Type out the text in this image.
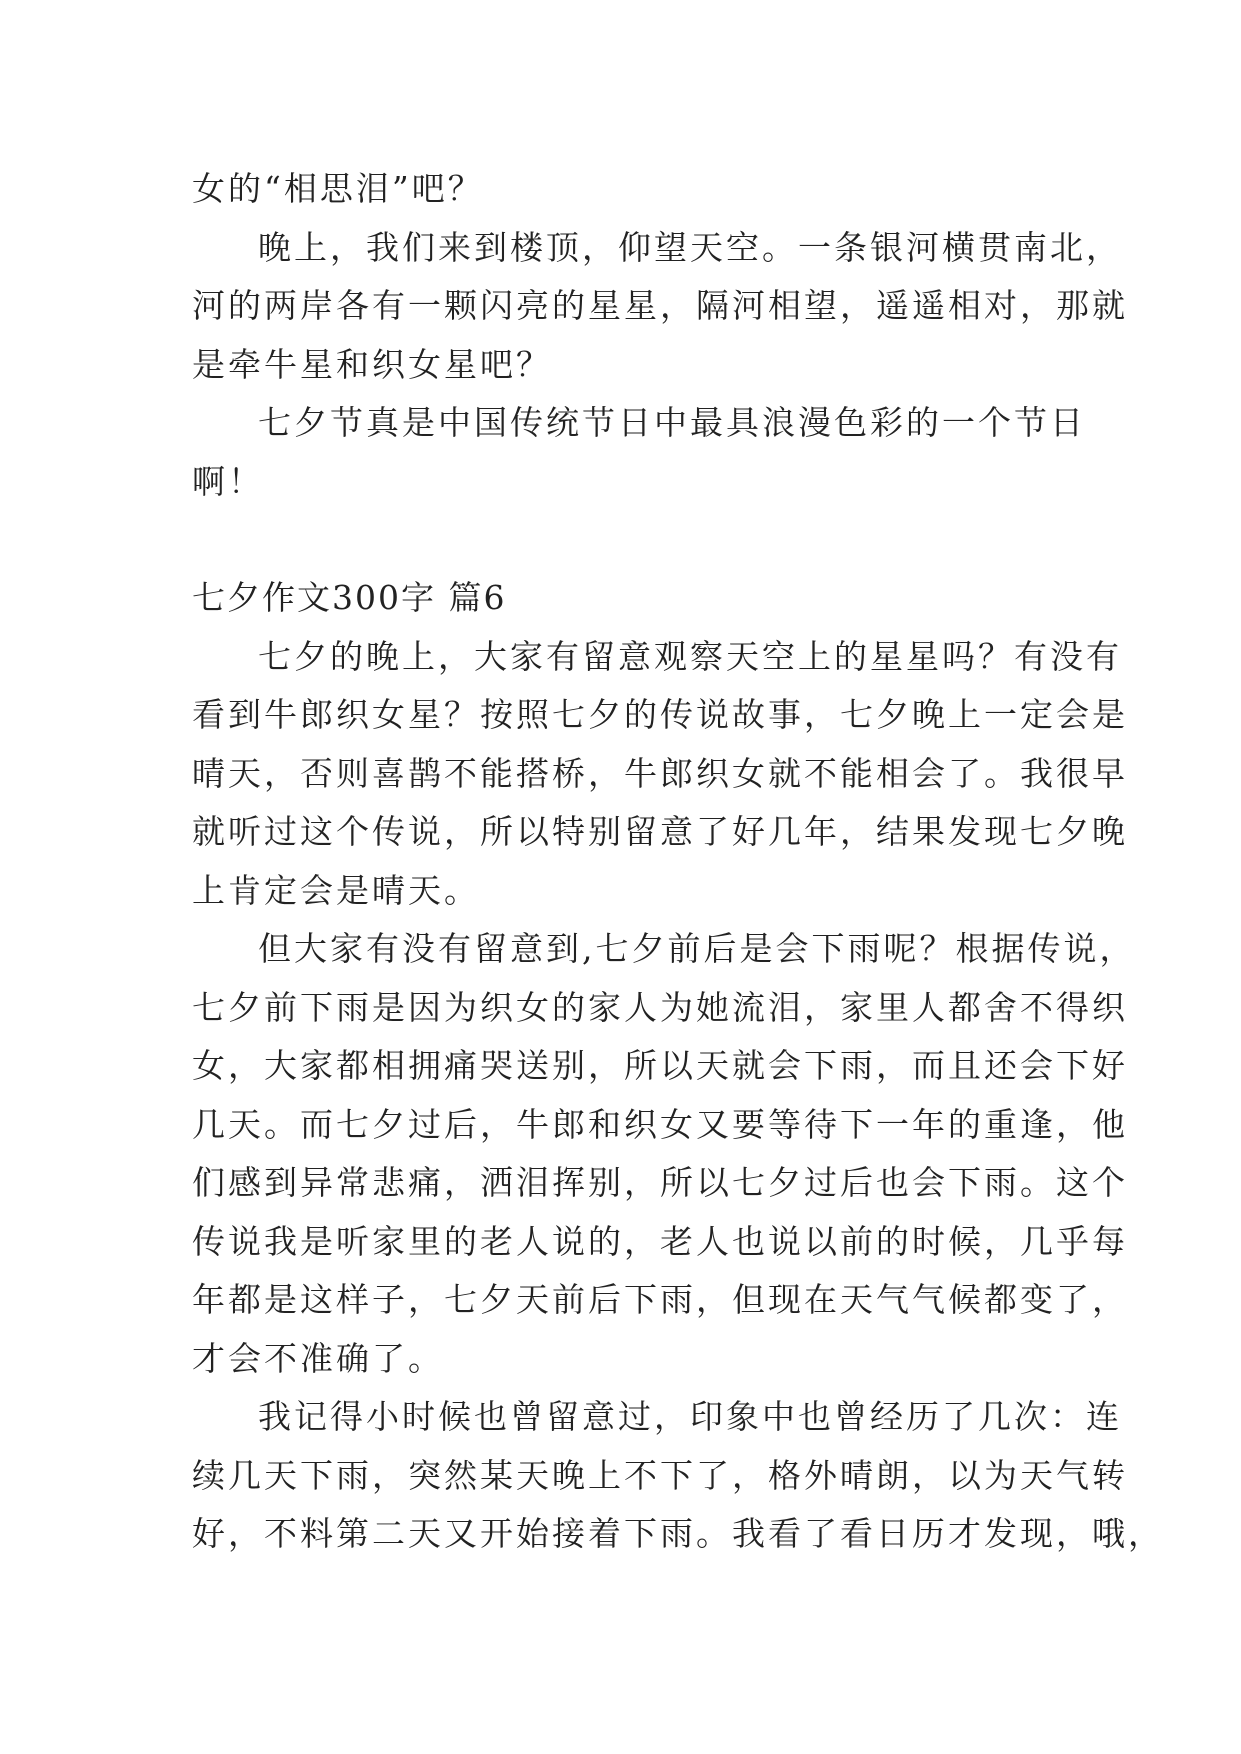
女的“相思泪”吧？
晚上，我们来到楼顶，仰望天空。一条银河横贯南北，
河的两岸各有一颗闪亮的星星，隔河相望，遥遥相对，那就
是牵牛星和织女星吧？
七夕节真是中国传统节日中最具浪漫色彩的一个节日
啊！
七夕作文300字 篇6
七夕的晚上，大家有留意观察天空上的星星吗？有没有
看到牛郎织女星？按照七夕的传说故事，七夕晚上一定会是
晴天，否则喜鹊不能搭桥，牛郎织女就不能相会了。我很早
就听过这个传说，所以特别留意了好几年，结果发现七夕晚
上肯定会是晴天。
但大家有没有留意到,七夕前后是会下雨呢？根据传说，
七夕前下雨是因为织女的家人为她流泪，家里人都舍不得织
女，大家都相拥痛哭送别，所以天就会下雨，而且还会下好
几天。而七夕过后，牛郎和织女又要等待下一年的重逢，他
们感到异常悲痛，洒泪挥别，所以七夕过后也会下雨。这个
传说我是听家里的老人说的，老人也说以前的时候，几乎每
年都是这样子，七夕天前后下雨，但现在天气气候都变了，
才会不准确了。
我记得小时候也曾留意过，印象中也曾经历了几次：连
续几天下雨，突然某天晚上不下了，格外晴朗，以为天气转
好，不料第二天又开始接着下雨。我看了看日历才发现，哦，
